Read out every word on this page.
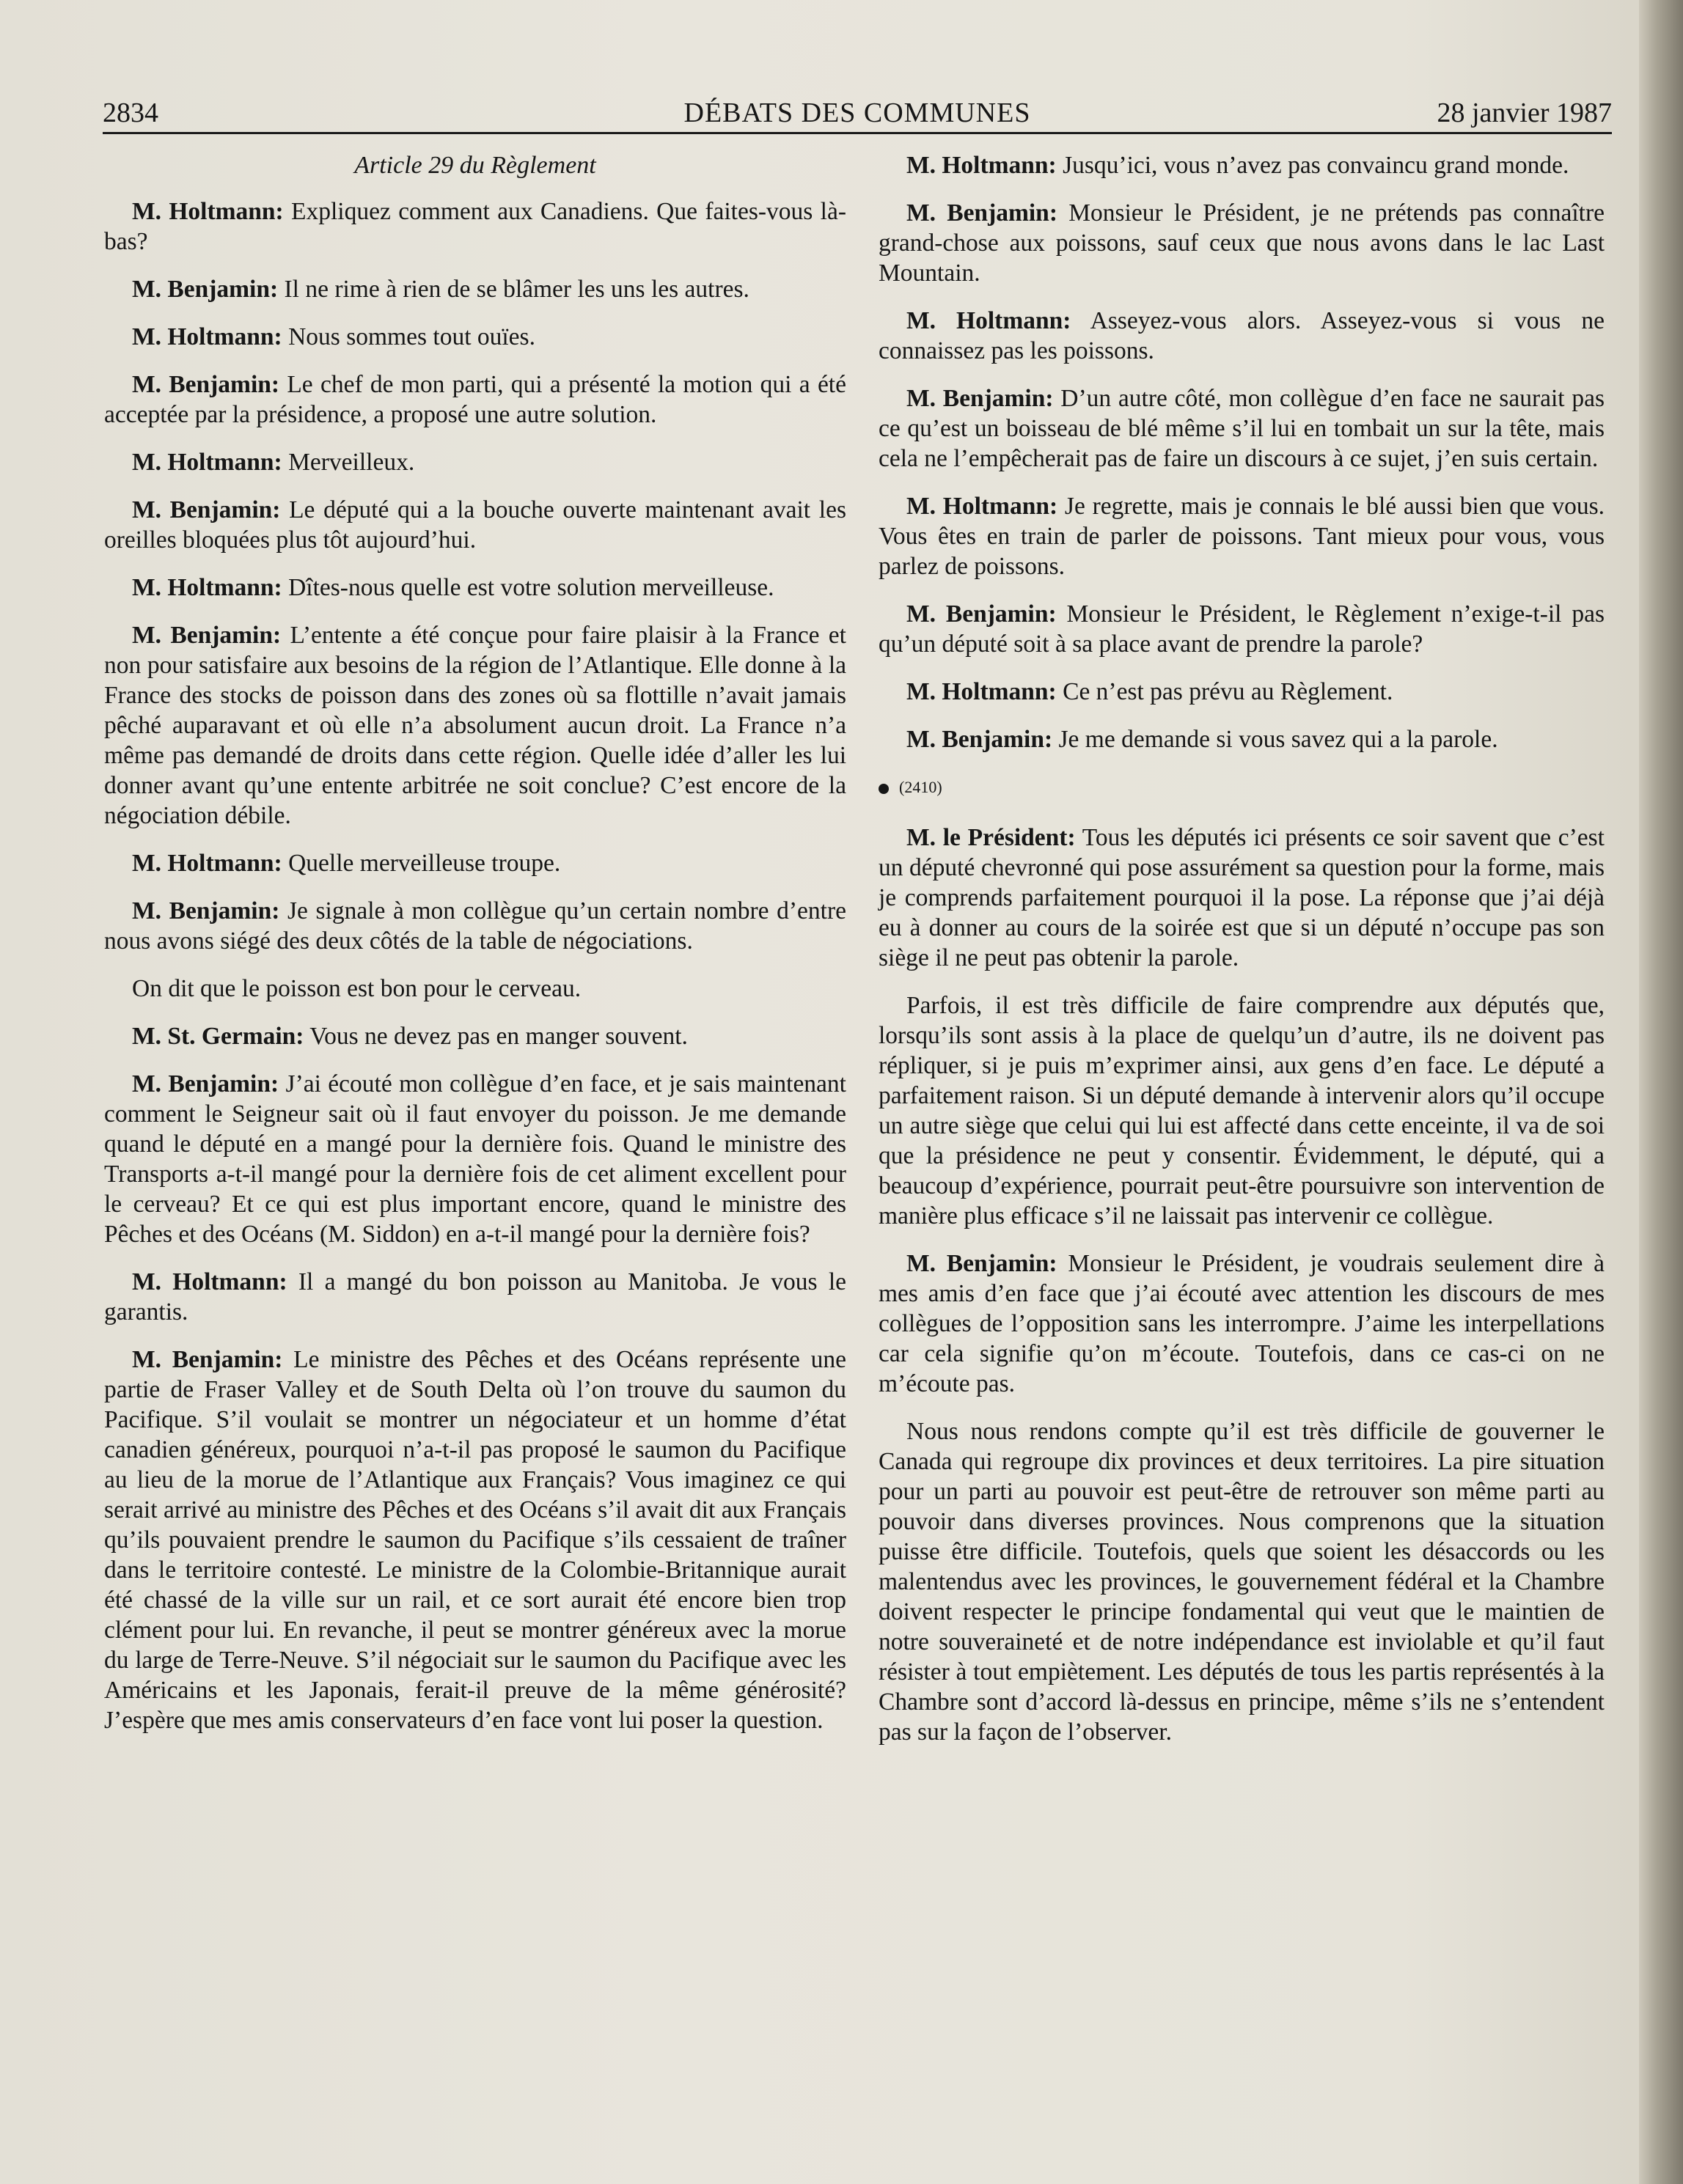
2834	DÉBATS DES COMMUNES	28 janvier 1987
Article 29 du Règlement

M. Holtmann: Expliquez comment aux Canadiens. Que faites-vous là-bas?

M. Benjamin: Il ne rime à rien de se blâmer les uns les autres.

M. Holtmann: Nous sommes tout ouïes.

M. Benjamin: Le chef de mon parti, qui a présenté la motion qui a été acceptée par la présidence, a proposé une autre solution.

M. Holtmann: Merveilleux.

M. Benjamin: Le député qui a la bouche ouverte maintenant avait les oreilles bloquées plus tôt aujourd’hui.

M. Holtmann: Dîtes-nous quelle est votre solution merveilleuse.

M. Benjamin: L’entente a été conçue pour faire plaisir à la France et non pour satisfaire aux besoins de la région de l’Atlantique. Elle donne à la France des stocks de poisson dans des zones où sa flottille n’avait jamais pêché auparavant et où elle n’a absolument aucun droit. La France n’a même pas demandé de droits dans cette région. Quelle idée d’aller les lui donner avant qu’une entente arbitrée ne soit conclue? C’est encore de la négociation débile.

M. Holtmann: Quelle merveilleuse troupe.

M. Benjamin: Je signale à mon collègue qu’un certain nombre d’entre nous avons siégé des deux côtés de la table de négociations.

On dit que le poisson est bon pour le cerveau.

M. St. Germain: Vous ne devez pas en manger souvent.

M. Benjamin: J’ai écouté mon collègue d’en face, et je sais maintenant comment le Seigneur sait où il faut envoyer du poisson. Je me demande quand le député en a mangé pour la dernière fois. Quand le ministre des Transports a-t-il mangé pour la dernière fois de cet aliment excellent pour le cerveau? Et ce qui est plus important encore, quand le ministre des Pêches et des Océans (M. Siddon) en a-t-il mangé pour la dernière fois?

M. Holtmann: Il a mangé du bon poisson au Manitoba. Je vous le garantis.

M. Benjamin: Le ministre des Pêches et des Océans représente une partie de Fraser Valley et de South Delta où l’on trouve du saumon du Pacifique. S’il voulait se montrer un négociateur et un homme d’état canadien généreux, pourquoi n’a-t-il pas proposé le saumon du Pacifique au lieu de la morue de l’Atlantique aux Français? Vous imaginez ce qui serait arrivé au ministre des Pêches et des Océans s’il avait dit aux Français qu’ils pouvaient prendre le saumon du Pacifique s’ils cessaient de traîner dans le territoire contesté. Le ministre de la Colombie-Britannique aurait été chassé de la ville sur un rail, et ce sort aurait été encore bien trop clément pour lui. En revanche, il peut se montrer généreux avec la morue du large de Terre-Neuve. S’il négociait sur le saumon du Pacifique avec les Américains et les Japonais, ferait-il preuve de la même générosité? J’espère que mes amis conservateurs d’en face vont lui poser la question.

M. Holtmann: Jusqu’ici, vous n’avez pas convaincu grand monde.

M. Benjamin: Monsieur le Président, je ne prétends pas connaître grand-chose aux poissons, sauf ceux que nous avons dans le lac Last Mountain.

M. Holtmann: Asseyez-vous alors. Asseyez-vous si vous ne connaissez pas les poissons.

M. Benjamin: D’un autre côté, mon collègue d’en face ne saurait pas ce qu’est un boisseau de blé même s’il lui en tombait un sur la tête, mais cela ne l’empêcherait pas de faire un discours à ce sujet, j’en suis certain.

M. Holtmann: Je regrette, mais je connais le blé aussi bien que vous. Vous êtes en train de parler de poissons. Tant mieux pour vous, vous parlez de poissons.

M. Benjamin: Monsieur le Président, le Règlement n’exige-t-il pas qu’un député soit à sa place avant de prendre la parole?

M. Holtmann: Ce n’est pas prévu au Règlement.

M. Benjamin: Je me demande si vous savez qui a la parole.

(2410)

M. le Président: Tous les députés ici présents ce soir savent que c’est un député chevronné qui pose assurément sa question pour la forme, mais je comprends parfaitement pourquoi il la pose. La réponse que j’ai déjà eu à donner au cours de la soirée est que si un député n’occupe pas son siège il ne peut pas obtenir la parole.

Parfois, il est très difficile de faire comprendre aux députés que, lorsqu’ils sont assis à la place de quelqu’un d’autre, ils ne doivent pas répliquer, si je puis m’exprimer ainsi, aux gens d’en face. Le député a parfaitement raison. Si un député demande à intervenir alors qu’il occupe un autre siège que celui qui lui est affecté dans cette enceinte, il va de soi que la présidence ne peut y consentir. Évidemment, le député, qui a beaucoup d’expérience, pourrait peut-être poursuivre son intervention de manière plus efficace s’il ne laissait pas intervenir ce collègue.

M. Benjamin: Monsieur le Président, je voudrais seulement dire à mes amis d’en face que j’ai écouté avec attention les discours de mes collègues de l’opposition sans les interrompre. J’aime les interpellations car cela signifie qu’on m’écoute. Toutefois, dans ce cas-ci on ne m’écoute pas.

Nous nous rendons compte qu’il est très difficile de gouverner le Canada qui regroupe dix provinces et deux territoires. La pire situation pour un parti au pouvoir est peut-être de retrouver son même parti au pouvoir dans diverses provinces. Nous comprenons que la situation puisse être difficile. Toutefois, quels que soient les désaccords ou les malentendus avec les provinces, le gouvernement fédéral et la Chambre doivent respecter le principe fondamental qui veut que le maintien de notre souveraineté et de notre indépendance est inviolable et qu’il faut résister à tout empiètement. Les députés de tous les partis représentés à la Chambre sont d’accord là-dessus en principe, même s’ils ne s’entendent pas sur la façon de l’observer.
